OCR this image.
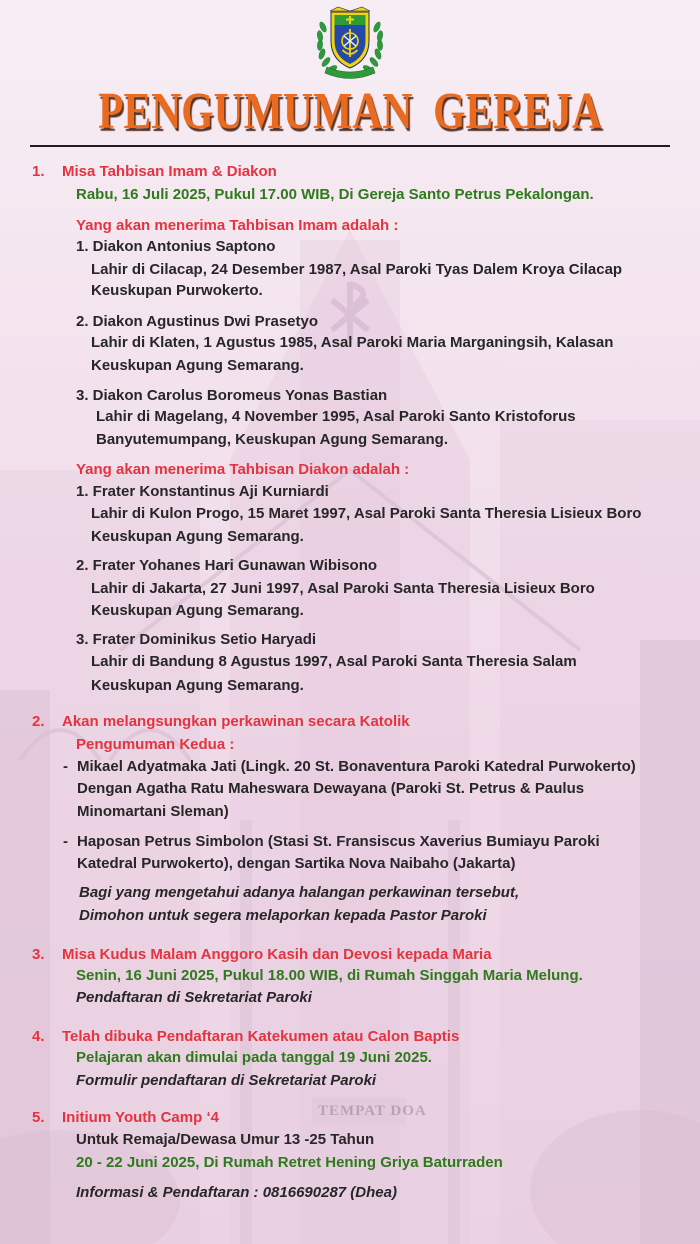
TEMPAT DOA
PENGUMUMAN  GEREJA
1. Misa Tahbisan Imam & Diakon
Rabu, 16 Juli 2025, Pukul 17.00 WIB, Di Gereja Santo Petrus Pekalongan.
Yang akan menerima Tahbisan Imam adalah :
1. Diakon Antonius Saptono
Lahir di Cilacap, 24 Desember 1987, Asal Paroki Tyas Dalem Kroya Cilacap
Keuskupan Purwokerto.
2. Diakon Agustinus Dwi Prasetyo
Lahir di Klaten, 1 Agustus 1985, Asal Paroki Maria Marganingsih, Kalasan
Keuskupan Agung Semarang.
3. Diakon Carolus Boromeus Yonas Bastian
Lahir di Magelang, 4 November 1995, Asal Paroki Santo Kristoforus
Banyutemumpang, Keuskupan Agung Semarang.
Yang akan menerima Tahbisan Diakon adalah :
1. Frater Konstantinus Aji Kurniardi
Lahir di Kulon Progo, 15 Maret 1997, Asal Paroki Santa Theresia Lisieux Boro
Keuskupan Agung Semarang.
2. Frater Yohanes Hari Gunawan Wibisono
Lahir di Jakarta, 27 Juni 1997, Asal Paroki Santa Theresia Lisieux Boro
Keuskupan Agung Semarang.
3. Frater Dominikus Setio Haryadi
Lahir di Bandung 8 Agustus 1997, Asal Paroki Santa Theresia Salam
Keuskupan Agung Semarang.
2. Akan melangsungkan perkawinan secara Katolik
Pengumuman Kedua :
- Mikael Adyatmaka Jati (Lingk. 20 St. Bonaventura Paroki Katedral Purwokerto)
Dengan Agatha Ratu Maheswara Dewayana (Paroki St. Petrus & Paulus
Minomartani Sleman)
- Haposan Petrus Simbolon (Stasi St. Fransiscus Xaverius Bumiayu Paroki
Katedral Purwokerto), dengan Sartika Nova Naibaho (Jakarta)
Bagi yang mengetahui adanya halangan perkawinan tersebut,
Dimohon untuk segera melaporkan kepada Pastor Paroki
3. Misa Kudus Malam Anggoro Kasih dan Devosi kepada Maria
Senin, 16 Juni 2025, Pukul 18.00 WIB, di Rumah Singgah Maria Melung.
Pendaftaran di Sekretariat Paroki
4. Telah dibuka Pendaftaran Katekumen atau Calon Baptis
Pelajaran akan dimulai pada tanggal 19 Juni 2025.
Formulir pendaftaran di Sekretariat Paroki
5. Initium Youth Camp ‘4
Untuk Remaja/Dewasa Umur 13 -25 Tahun
20 - 22 Juni 2025, Di Rumah Retret Hening Griya Baturraden
Informasi & Pendaftaran : 0816690287 (Dhea)
